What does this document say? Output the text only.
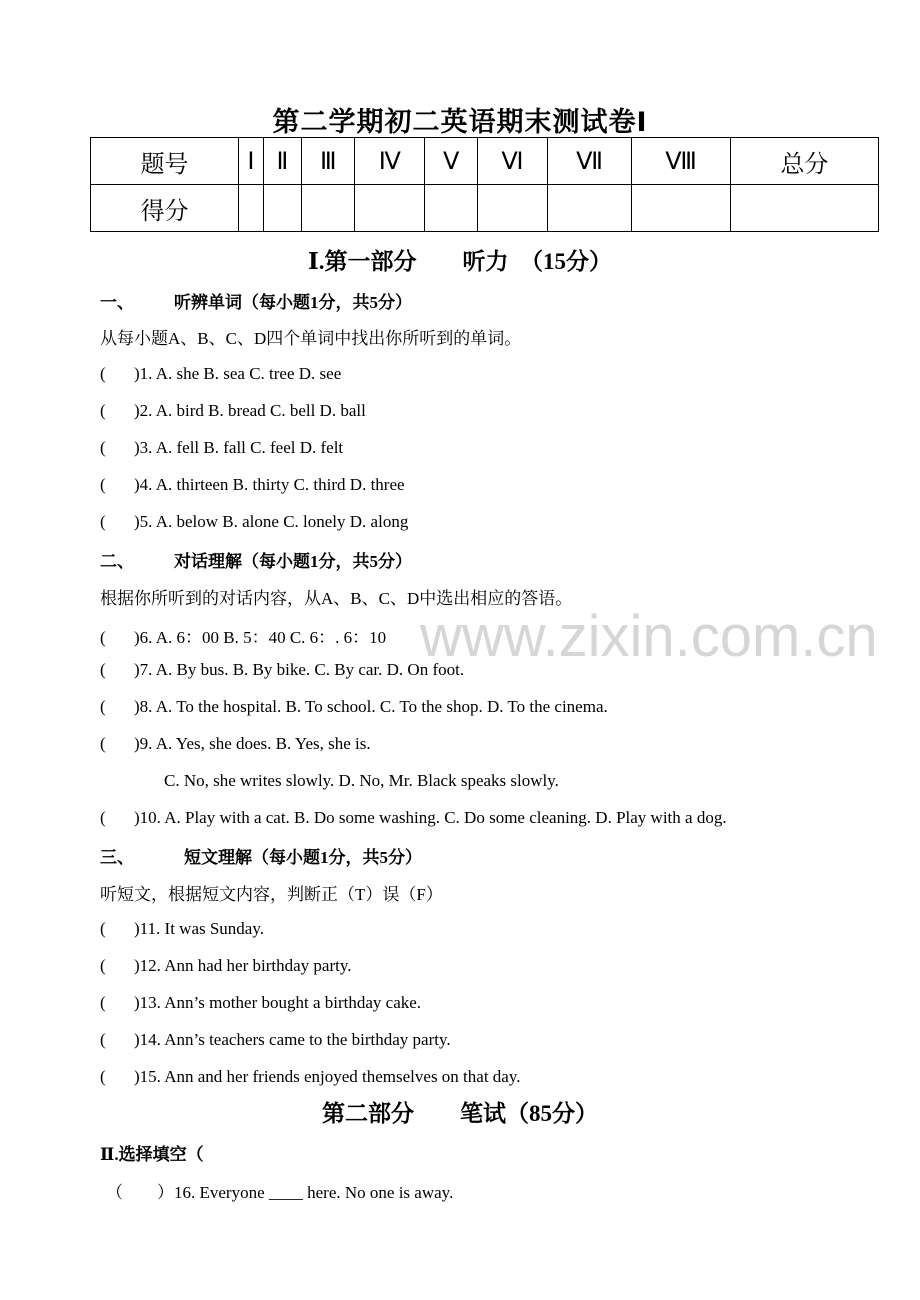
第二学期初二英语期末测试卷Ⅰ
题号	Ⅰ	Ⅱ	Ⅲ	Ⅳ	Ⅴ	Ⅵ	Ⅶ	Ⅷ	总分
得分									
Ⅰ.第一部分　　听力　（15分）
一、 听辨单词（每小题1分，共5分）
从每小题A、B、C、D四个单词中找出你所听到的单词。
( )1. A. she B. sea C. tree D. see
( )2. A. bird B. bread C. bell D. ball
( )3. A. fell B. fall C. feel D. felt
( )4. A. thirteen B. thirty C. third D. three
( )5. A. below B. alone C. lonely D. along
二、 对话理解（每小题1分，共5分）
根据你所听到的对话内容，从A、B、C、D中选出相应的答语。
www.zixin.com.cn
( )6. A. 6：00 B. 5：40 C. 6：. 6：10
( )7. A. By bus. B. By bike. C. By car. D. On foot.
( )8. A. To the hospital. B. To school. C. To the shop. D. To the cinema.
( )9. A. Yes, she does. B. Yes, she is.
C. No, she writes slowly. D. No, Mr. Black speaks slowly.
( )10. A. Play with a cat. B. Do some washing. C. Do some cleaning. D. Play with a dog.
三、	短文理解（每小题1分，共5分）
听短文，根据短文内容，判断正（T）误（F）
( )11. It was Sunday.
( )12. Ann had her birthday party.
( )13. Ann’s mother bought a birthday cake.
( )14. Ann’s teachers came to the birthday party.
( )15. Ann and her friends enjoyed themselves on that day.
第二部分　　笔试（85分）
Ⅱ.选择填空（
（　　）16. Everyone ____ here. No one is away.
